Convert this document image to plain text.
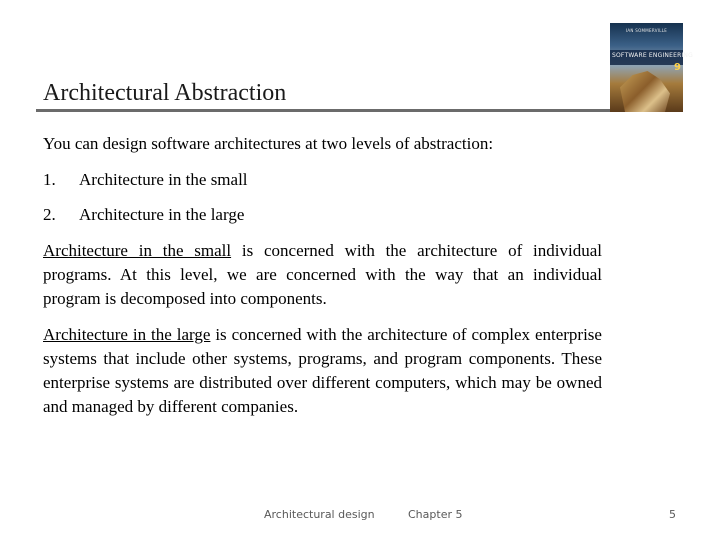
Architectural Abstraction
IAN SOMMERVILLE
SOFTWARE ENGINEERING
9
You can design software architectures at two levels of abstraction:
1. Architecture in the small
2. Architecture in the large
Architecture in the small is concerned with the architecture of individual programs. At this level, we are concerned with the way that an individual program is decomposed into components.
Architecture in the large is concerned with the architecture of complex enterprise systems that include other systems, programs, and program components. These enterprise systems are distributed over different computers, which may be owned and managed by different companies.
Architectural design	Chapter 5	5
